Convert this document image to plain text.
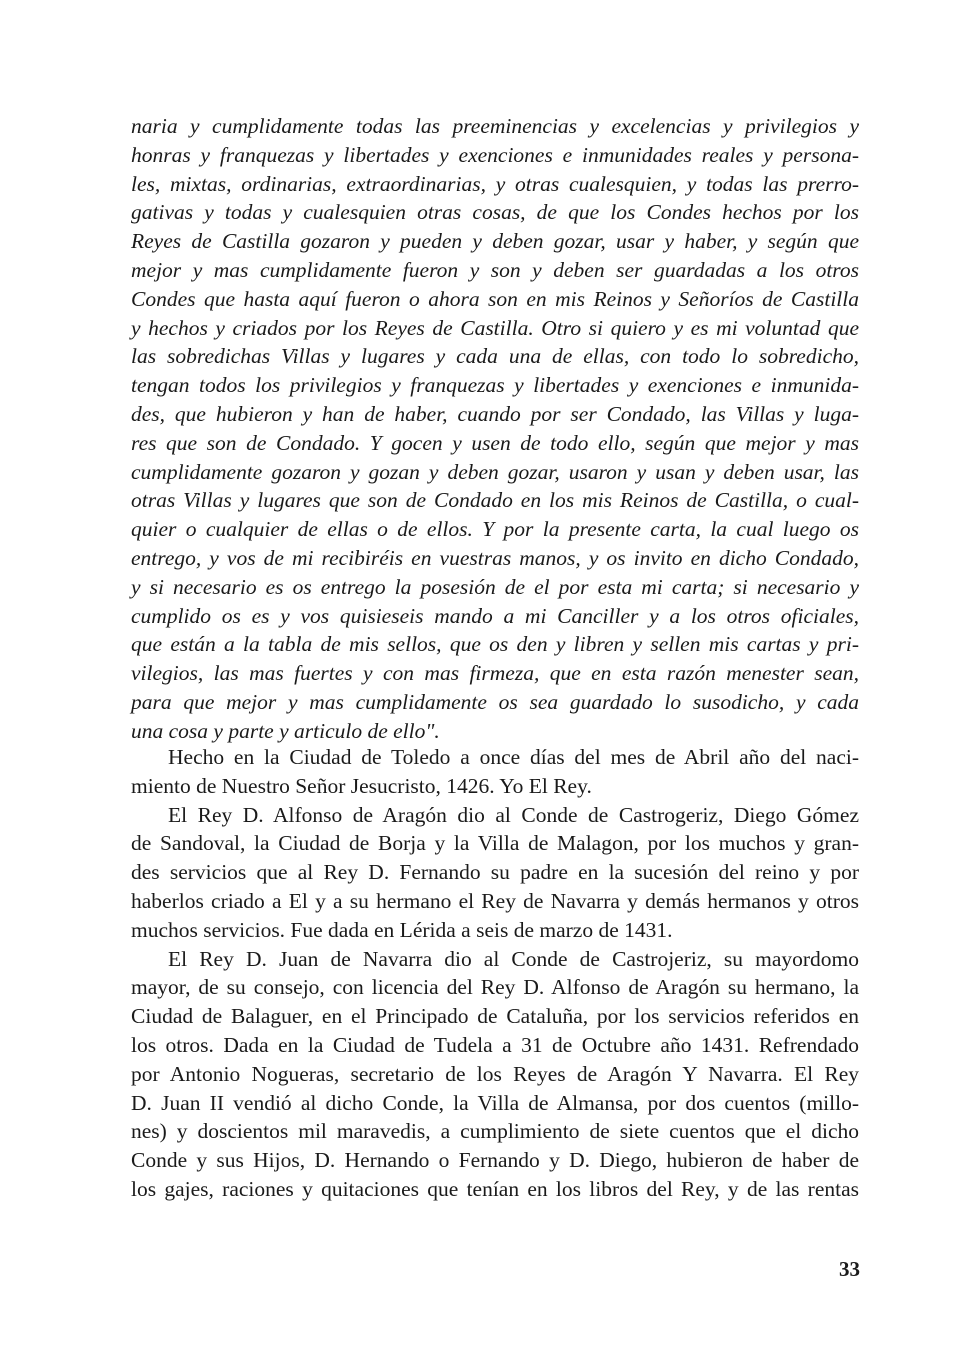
naria y cumplidamente todas las preeminencias y excelencias y privilegios y
honras y franquezas y libertades y exenciones e inmunidades reales y persona-
les, mixtas, ordinarias, extraordinarias, y otras cualesquien, y todas las prerro-
gativas y todas y cualesquien otras cosas, de que los Condes hechos por los
Reyes de Castilla gozaron y pueden y deben gozar, usar y haber, y según que
mejor y mas cumplidamente fueron y son y deben ser guardadas a los otros
Condes que hasta aquí fueron o ahora son en mis Reinos y Señoríos de Castilla
y hechos y criados por los Reyes de Castilla. Otro si quiero y es mi voluntad que
las sobredichas Villas y lugares y cada una de ellas, con todo lo sobredicho,
tengan todos los privilegios y franquezas y libertades y exenciones e inmunida-
des, que hubieron y han de haber, cuando por ser Condado, las Villas y luga-
res que son de Condado. Y gocen y usen de todo ello, según que mejor y mas
cumplidamente gozaron y gozan y deben gozar, usaron y usan y deben usar, las
otras Villas y lugares que son de Condado en los mis Reinos de Castilla, o cual-
quier o cualquier de ellas o de ellos. Y por la presente carta, la cual luego os
entrego, y vos de mi recibiréis en vuestras manos, y os invito en dicho Condado,
y si necesario es os entrego la posesión de el por esta mi carta; si necesario y
cumplido os es y vos quisieseis mando a mi Canciller y a los otros oficiales,
que están a la tabla de mis sellos, que os den y libren y sellen mis cartas y pri-
vilegios, las mas fuertes y con mas firmeza, que en esta razón menester sean,
para que mejor y mas cumplidamente os sea guardado lo susodicho, y cada
una cosa y parte y articulo de ello".
Hecho en la Ciudad de Toledo a once días del mes de Abril año del naci-
miento de Nuestro Señor Jesucristo, 1426. Yo El Rey.
El Rey D. Alfonso de Aragón dio al Conde de Castrogeriz, Diego Gómez
de Sandoval, la Ciudad de Borja y la Villa de Malagon, por los muchos y gran-
des servicios que al Rey D. Fernando su padre en la sucesión del reino y por
haberlos criado a El y a su hermano el Rey de Navarra y demás hermanos y otros
muchos servicios. Fue dada en Lérida a seis de marzo de 1431.
El Rey D. Juan de Navarra dio al Conde de Castrojeriz, su mayordomo
mayor, de su consejo, con licencia del Rey D. Alfonso de Aragón su hermano, la
Ciudad de Balaguer, en el Principado de Cataluña, por los servicios referidos en
los otros. Dada en la Ciudad de Tudela a 31 de Octubre año 1431. Refrendado
por Antonio Nogueras, secretario de los Reyes de Aragón Y Navarra. El Rey
D. Juan II vendió al dicho Conde, la Villa de Almansa, por dos cuentos (millo-
nes) y doscientos mil maravedis, a cumplimiento de siete cuentos que el dicho
Conde y sus Hijos, D. Hernando o Fernando y D. Diego, hubieron de haber de
los gajes, raciones y quitaciones que tenían en los libros del Rey, y de las rentas
33
